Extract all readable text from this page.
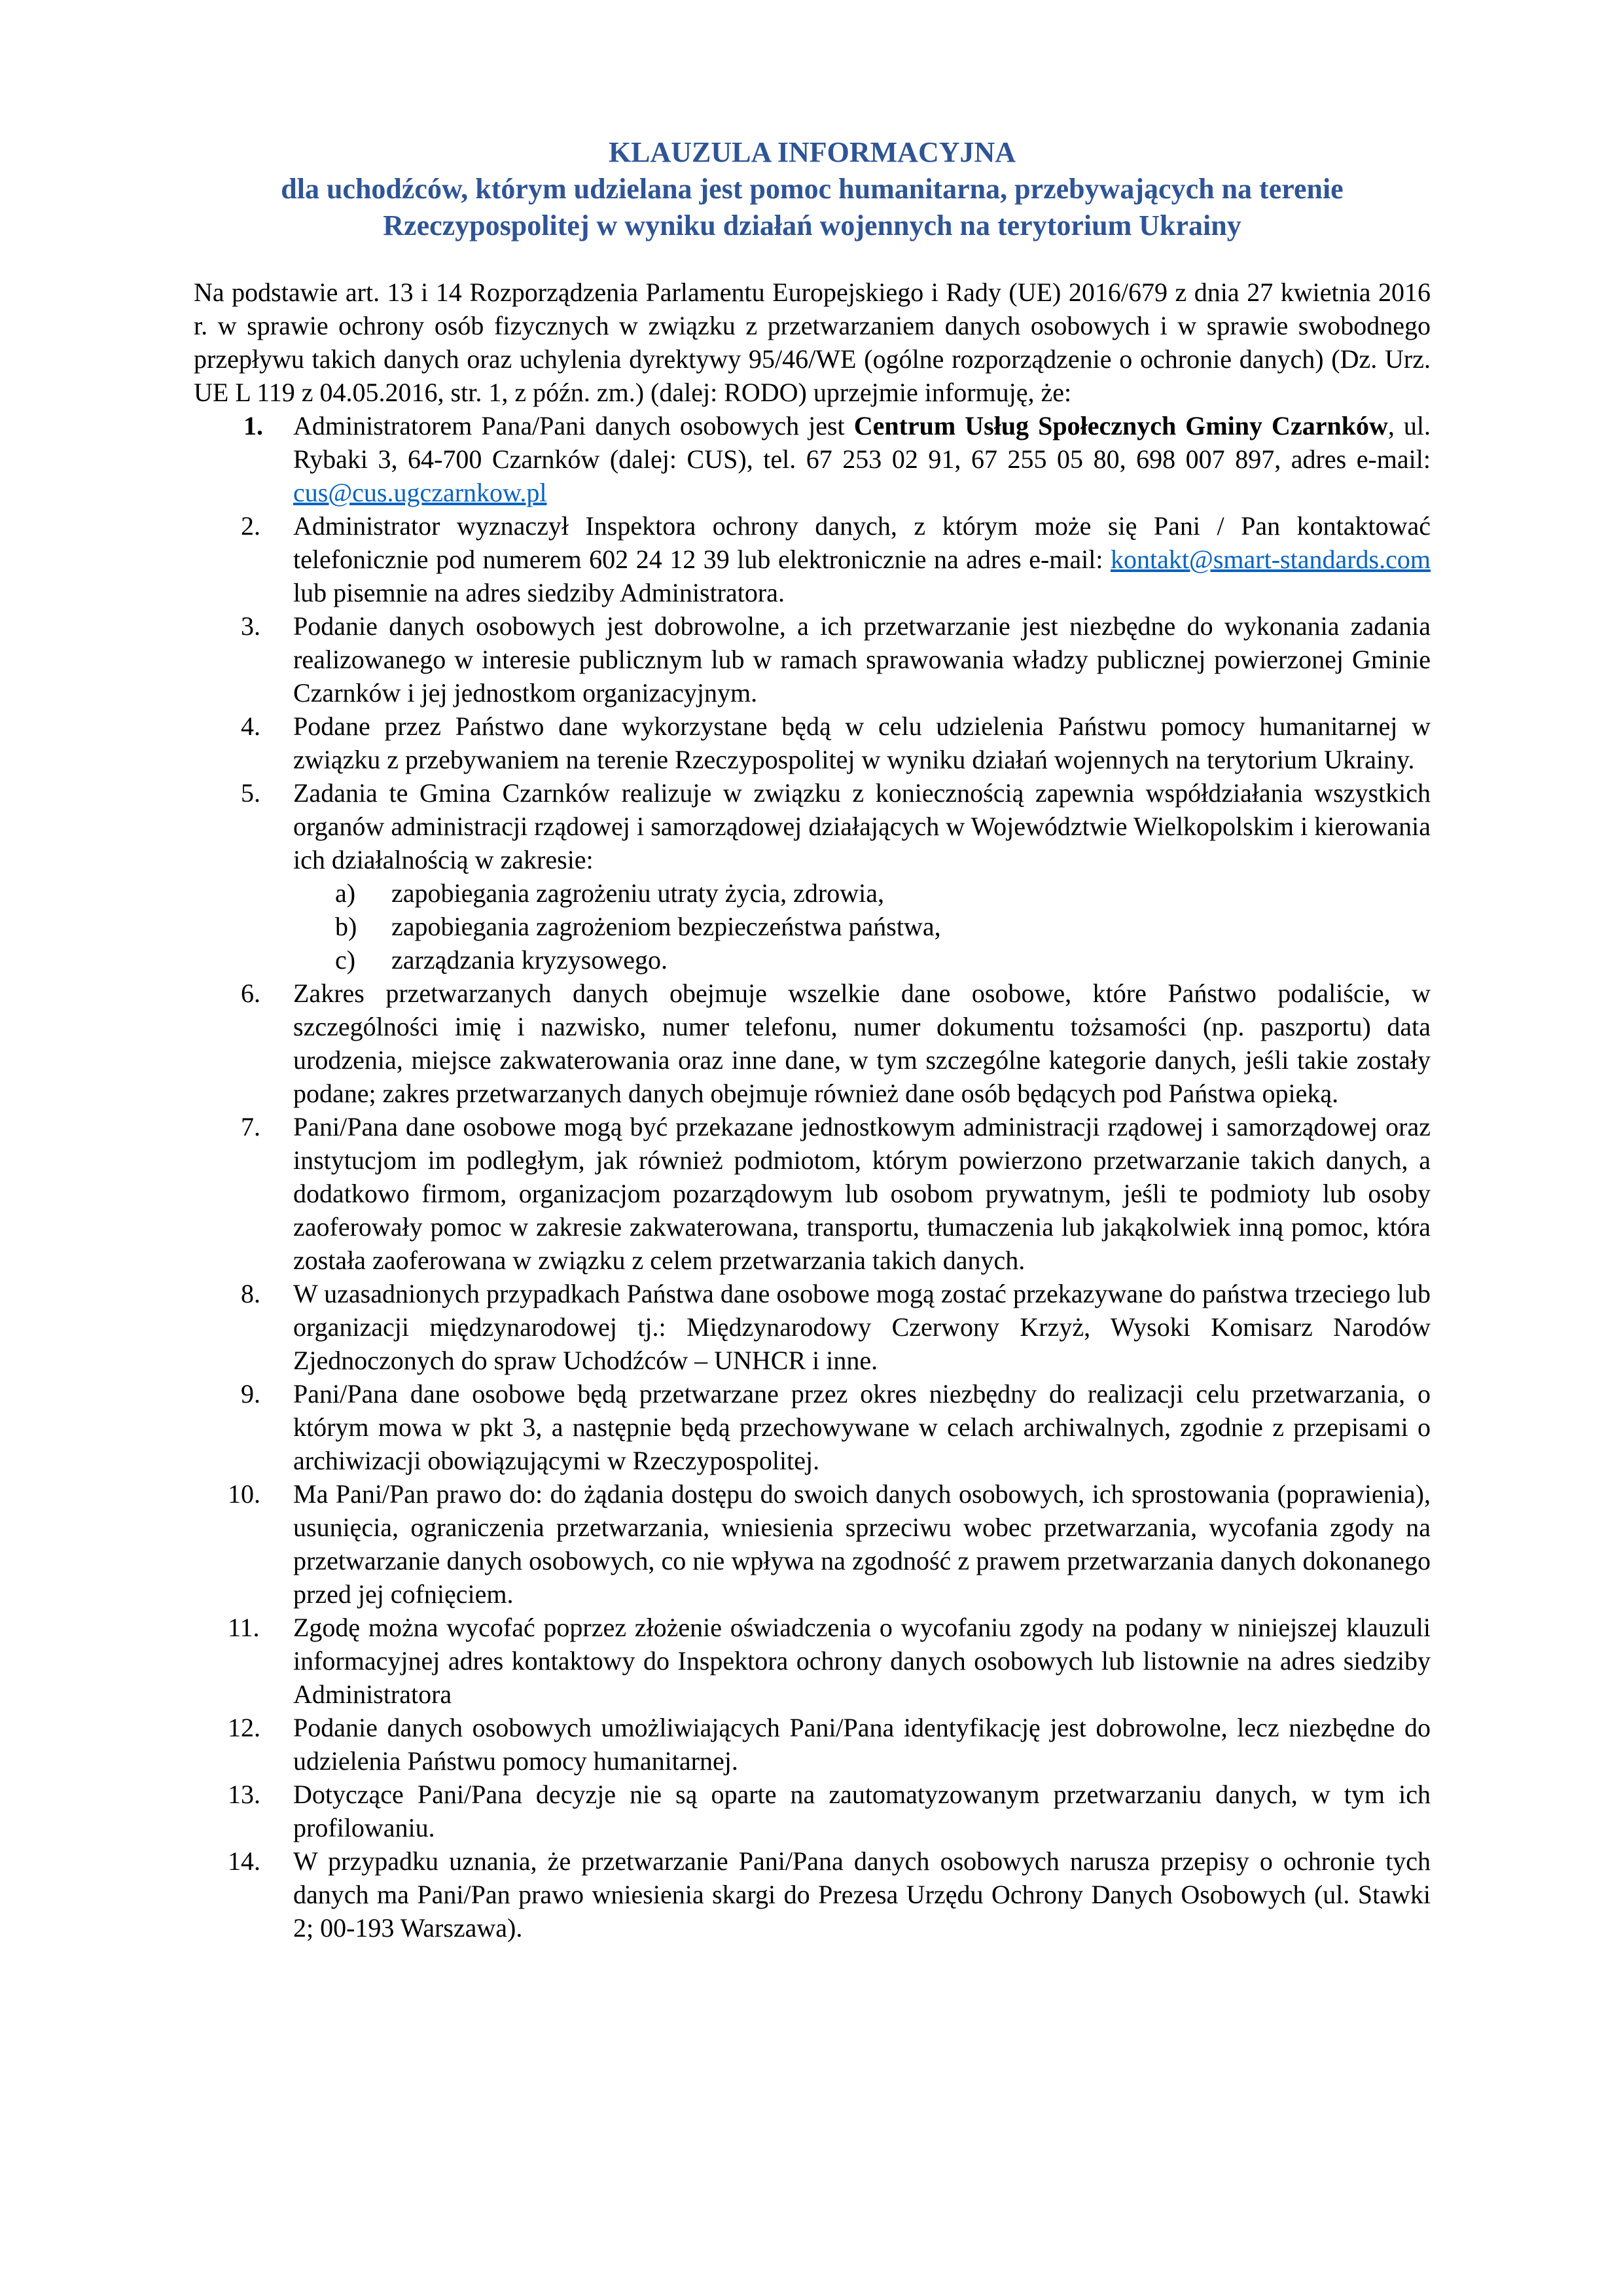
KLAUZULA INFORMACYJNA
dla uchodźców, którym udzielana jest pomoc humanitarna, przebywających na terenie
Rzeczypospolitej w wyniku działań wojennych na terytorium Ukrainy

Na podstawie art. 13 i 14 Rozporządzenia Parlamentu Europejskiego i Rady (UE) 2016/679 z dnia 27 kwietnia 2016 r. w sprawie ochrony osób fizycznych w związku z przetwarzaniem danych osobowych i w sprawie swobodnego przepływu takich danych oraz uchylenia dyrektywy 95/46/WE (ogólne rozporządzenie o ochronie danych) (Dz. Urz. UE L 119 z 04.05.2016, str. 1, z późn. zm.) (dalej: RODO) uprzejmie informuję, że:

1.	Administratorem Pana/Pani danych osobowych jest Centrum Usług Społecznych Gminy Czarnków, ul. Rybaki 3, 64-700 Czarnków (dalej: CUS), tel. 67 253 02 91, 67 255 05 80, 698 007 897, adres e-mail: cus@cus.ugczarnkow.pl
2.	Administrator wyznaczył Inspektora ochrony danych, z którym może się Pani / Pan kontaktować telefonicznie pod numerem 602 24 12 39 lub elektronicznie na adres e-mail: kontakt@smart-standards.com lub pisemnie na adres siedziby Administratora.
3.	Podanie danych osobowych jest dobrowolne, a ich przetwarzanie jest niezbędne do wykonania zadania realizowanego w interesie publicznym lub w ramach sprawowania władzy publicznej powierzonej Gminie Czarnków i jej jednostkom organizacyjnym.
4.	Podane przez Państwo dane wykorzystane będą w celu udzielenia Państwu pomocy humanitarnej w związku z przebywaniem na terenie Rzeczypospolitej w wyniku działań wojennych na terytorium Ukrainy.
5.	Zadania te Gmina Czarnków realizuje w związku z koniecznością zapewnia współdziałania wszystkich organów administracji rządowej i samorządowej działających w Województwie Wielkopolskim i kierowania ich działalnością w zakresie:
a) zapobiegania zagrożeniu utraty życia, zdrowia,
b) zapobiegania zagrożeniom bezpieczeństwa państwa,
c) zarządzania kryzysowego.
6.	Zakres przetwarzanych danych obejmuje wszelkie dane osobowe, które Państwo podaliście, w szczególności imię i nazwisko, numer telefonu, numer dokumentu tożsamości (np. paszportu) data urodzenia, miejsce zakwaterowania oraz inne dane, w tym szczególne kategorie danych, jeśli takie zostały podane; zakres przetwarzanych danych obejmuje również dane osób będących pod Państwa opieką.
7.	Pani/Pana dane osobowe mogą być przekazane jednostkowym administracji rządowej i samorządowej oraz instytucjom im podległym, jak również podmiotom, którym powierzono przetwarzanie takich danych, a dodatkowo firmom, organizacjom pozarządowym lub osobom prywatnym, jeśli te podmioty lub osoby zaoferowały pomoc w zakresie zakwaterowana, transportu, tłumaczenia lub jakąkolwiek inną pomoc, która została zaoferowana w związku z celem przetwarzania takich danych.
8.	W uzasadnionych przypadkach Państwa dane osobowe mogą zostać przekazywane do państwa trzeciego lub organizacji międzynarodowej tj.: Międzynarodowy Czerwony Krzyż, Wysoki Komisarz Narodów Zjednoczonych do spraw Uchodźców – UNHCR i inne.
9.	Pani/Pana dane osobowe będą przetwarzane przez okres niezbędny do realizacji celu przetwarzania, o którym mowa w pkt 3, a następnie będą przechowywane w celach archiwalnych, zgodnie z przepisami o archiwizacji obowiązującymi w Rzeczypospolitej.
10.	Ma Pani/Pan prawo do: do żądania dostępu do swoich danych osobowych, ich sprostowania (poprawienia), usunięcia, ograniczenia przetwarzania, wniesienia sprzeciwu wobec przetwarzania, wycofania zgody na przetwarzanie danych osobowych, co nie wpływa na zgodność z prawem przetwarzania danych dokonanego przed jej cofnięciem.
11.	Zgodę można wycofać poprzez złożenie oświadczenia o wycofaniu zgody na podany w niniejszej klauzuli informacyjnej adres kontaktowy do Inspektora ochrony danych osobowych lub listownie na adres siedziby Administratora
12.	Podanie danych osobowych umożliwiających Pani/Pana identyfikację jest dobrowolne, lecz niezbędne do udzielenia Państwu pomocy humanitarnej.
13.	Dotyczące Pani/Pana decyzje nie są oparte na zautomatyzowanym przetwarzaniu danych, w tym ich profilowaniu.
14.	W przypadku uznania, że przetwarzanie Pani/Pana danych osobowych narusza przepisy o ochronie tych danych ma Pani/Pan prawo wniesienia skargi do Prezesa Urzędu Ochrony Danych Osobowych (ul. Stawki 2; 00-193 Warszawa).
